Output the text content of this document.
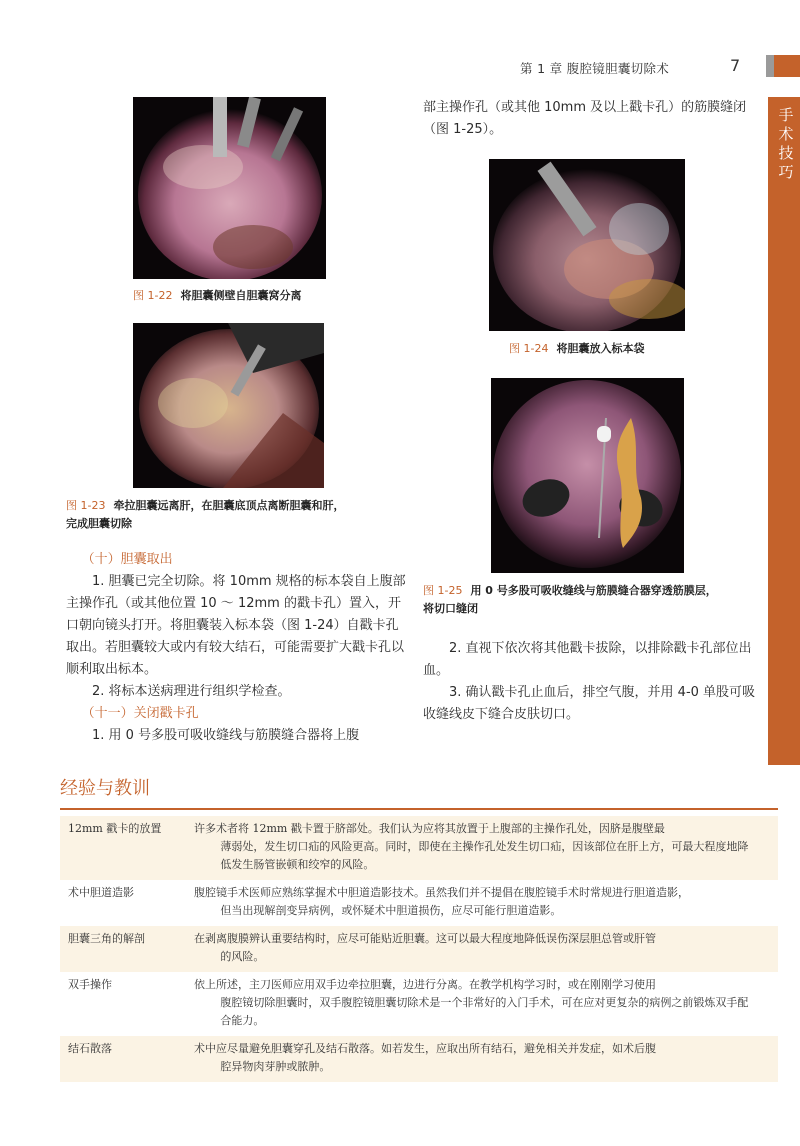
第 1 章 腹腔镜胆囊切除术	7
手
术
技
巧
图 1-22 将胆囊侧壁自胆囊窝分离
图 1-23 牵拉胆囊远离肝，在胆囊底顶点离断胆囊和肝，
完成胆囊切除

（十）胆囊取出

1. 胆囊已完全切除。将 10mm 规格的标本袋自上腹部主操作孔（或其他位置 10 ～ 12mm 的戳卡孔）置入，开口朝向镜头打开。将胆囊装入标本袋（图 1-24）自戳卡孔取出。若胆囊较大或内有较大结石，可能需要扩大戳卡孔以顺利取出标本。

2. 将标本送病理进行组织学检查。

（十一）关闭戳卡孔

1. 用 0 号多股可吸收缝线与筋膜缝合器将上腹

部主操作孔（或其他 10mm 及以上戳卡孔）的筋膜缝闭（图 1-25）。

图 1-24 将胆囊放入标本袋
图 1-25 用 0 号多股可吸收缝线与筋膜缝合器穿透筋膜层，
将切口缝闭

2. 直视下依次将其他戳卡拔除，以排除戳卡孔部位出血。

3. 确认戳卡孔止血后，排空气腹，并用 4-0 单股可吸收缝线皮下缝合皮肤切口。

经验与教训
12mm 戳卡的放置	许多术者将 12mm 戳卡置于脐部处。我们认为应将其放置于上腹部的主操作孔处，因脐是腹壁最
薄弱处，发生切口疝的风险更高。同时，即使在主操作孔处发生切口疝，因该部位在肝上方，可最大程度地降低发生肠管嵌顿和绞窄的风险。
术中胆道造影	腹腔镜手术医师应熟练掌握术中胆道造影技术。虽然我们并不提倡在腹腔镜手术时常规进行胆道造影，
但当出现解剖变异病例，或怀疑术中胆道损伤，应尽可能行胆道造影。
胆囊三角的解剖	在剥离腹膜辨认重要结构时，应尽可能贴近胆囊。这可以最大程度地降低误伤深层胆总管或肝管
的风险。
双手操作	依上所述，主刀医师应用双手边牵拉胆囊，边进行分离。在教学机构学习时，或在刚刚学习使用
腹腔镜切除胆囊时，双手腹腔镜胆囊切除术是一个非常好的入门手术，可在应对更复杂的病例之前锻炼双手配合能力。
结石散落	术中应尽量避免胆囊穿孔及结石散落。如若发生，应取出所有结石，避免相关并发症，如术后腹
腔异物肉芽肿或脓肿。
